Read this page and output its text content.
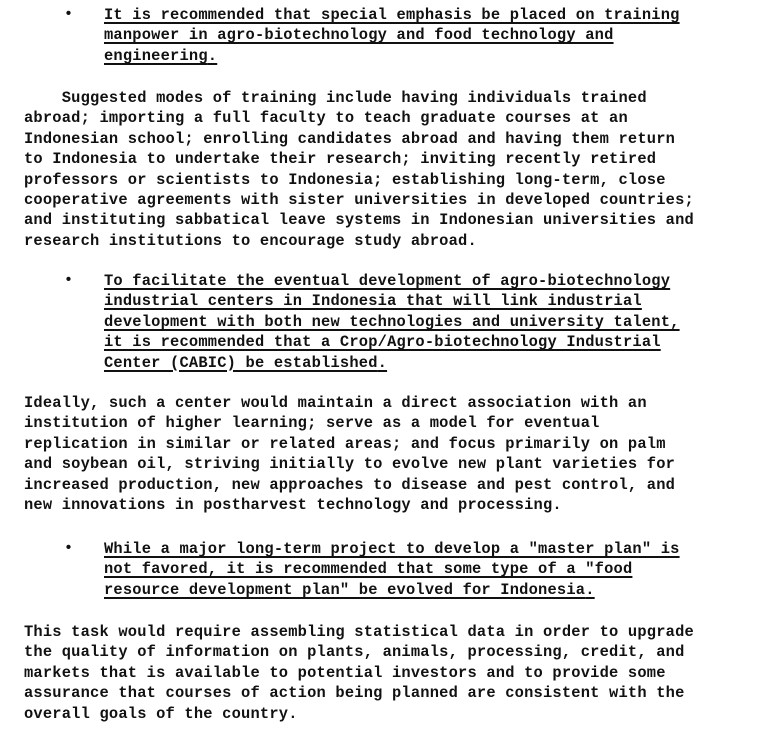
• It is recommended that special emphasis be placed on training
manpower in agro-biotechnology and food technology and
engineering.
Suggested modes of training include having individuals trained
abroad; importing a full faculty to teach graduate courses at an
Indonesian school; enrolling candidates abroad and having them return
to Indonesia to undertake their research; inviting recently retired
professors or scientists to Indonesia; establishing long-term, close
cooperative agreements with sister universities in developed countries;
and instituting sabbatical leave systems in Indonesian universities and
research institutions to encourage study abroad.
• To facilitate the eventual development of agro-biotechnology
industrial centers in Indonesia that will link industrial
development with both new technologies and university talent,
it is recommended that a Crop/Agro-biotechnology Industrial
Center (CABIC) be established.
Ideally, such a center would maintain a direct association with an
institution of higher learning; serve as a model for eventual
replication in similar or related areas; and focus primarily on palm
and soybean oil, striving initially to evolve new plant varieties for
increased production, new approaches to disease and pest control, and
new innovations in postharvest technology and processing.
• While a major long-term project to develop a "master plan" is
not favored, it is recommended that some type of a "food
resource development plan" be evolved for Indonesia.
This task would require assembling statistical data in order to upgrade
the quality of information on plants, animals, processing, credit, and
markets that is available to potential investors and to provide some
assurance that courses of action being planned are consistent with the
overall goals of the country.
